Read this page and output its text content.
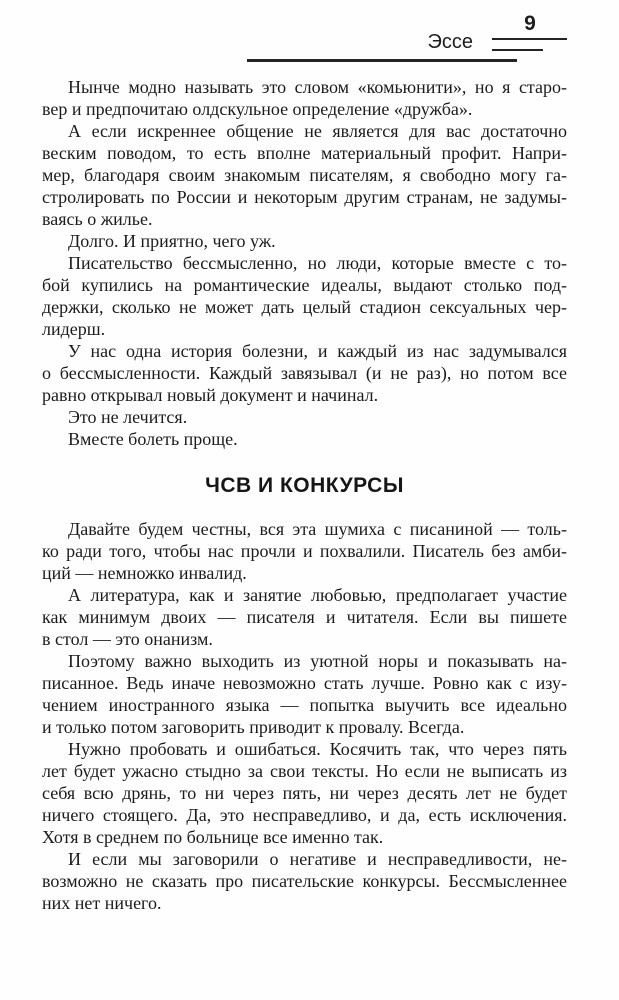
9
Эссе
Нынче модно называть это словом «комьюнити», но я старо-
вер и предпочитаю олдскульное определение «дружба».
А если искреннее общение не является для вас достаточно
веским поводом, то есть вполне материальный профит. Напри-
мер, благодаря своим знакомым писателям, я свободно могу га-
стролировать по России и некоторым другим странам, не задумы-
ваясь о жилье.
Долго. И приятно, чего уж.
Писательство бессмысленно, но люди, которые вместе с то-
бой купились на романтические идеалы, выдают столько под-
держки, сколько не может дать целый стадион сексуальных чер-
лидерш.
У нас одна история болезни, и каждый из нас задумывался
о бессмысленности. Каждый завязывал (и не раз), но потом все
равно открывал новый документ и начинал.
Это не лечится.
Вместе болеть проще.
ЧСВ И КОНКУРСЫ
Давайте будем честны, вся эта шумиха с писаниной — толь-
ко ради того, чтобы нас прочли и похвалили. Писатель без амби-
ций — немножко инвалид.
А литература, как и занятие любовью, предполагает участие
как минимум двоих — писателя и читателя. Если вы пишете
в стол — это онанизм.
Поэтому важно выходить из уютной норы и показывать на-
писанное. Ведь иначе невозможно стать лучше. Ровно как с изу-
чением иностранного языка — попытка выучить все идеально
и только потом заговорить приводит к провалу. Всегда.
Нужно пробовать и ошибаться. Косячить так, что через пять
лет будет ужасно стыдно за свои тексты. Но если не выписать из
себя всю дрянь, то ни через пять, ни через десять лет не будет
ничего стоящего. Да, это несправедливо, и да, есть исключения.
Хотя в среднем по больнице все именно так.
И если мы заговорили о негативе и несправедливости, не-
возможно не сказать про писательские конкурсы. Бессмысленнее
них нет ничего.
